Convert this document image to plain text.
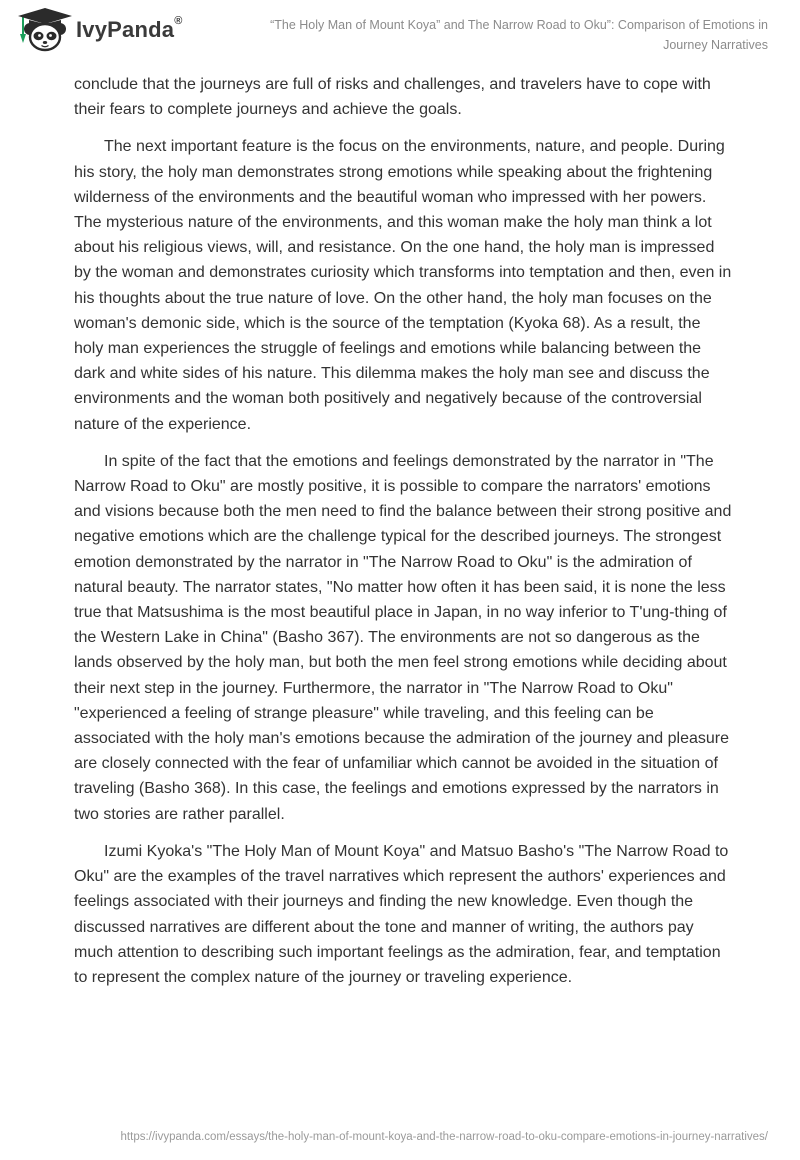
IvyPanda®	“The Holy Man of Mount Koya” and The Narrow Road to Oku”: Comparison of Emotions in Journey Narratives

conclude that the journeys are full of risks and challenges, and travelers have to cope with their fears to complete journeys and achieve the goals.

The next important feature is the focus on the environments, nature, and people. During his story, the holy man demonstrates strong emotions while speaking about the frightening wilderness of the environments and the beautiful woman who impressed with her powers. The mysterious nature of the environments, and this woman make the holy man think a lot about his religious views, will, and resistance. On the one hand, the holy man is impressed by the woman and demonstrates curiosity which transforms into temptation and then, even in his thoughts about the true nature of love. On the other hand, the holy man focuses on the woman's demonic side, which is the source of the temptation (Kyoka 68). As a result, the holy man experiences the struggle of feelings and emotions while balancing between the dark and white sides of his nature. This dilemma makes the holy man see and discuss the environments and the woman both positively and negatively because of the controversial nature of the experience.

In spite of the fact that the emotions and feelings demonstrated by the narrator in "The Narrow Road to Oku" are mostly positive, it is possible to compare the narrators' emotions and visions because both the men need to find the balance between their strong positive and negative emotions which are the challenge typical for the described journeys. The strongest emotion demonstrated by the narrator in "The Narrow Road to Oku" is the admiration of natural beauty. The narrator states, "No matter how often it has been said, it is none the less true that Matsushima is the most beautiful place in Japan, in no way inferior to T'ung-thing of the Western Lake in China" (Basho 367). The environments are not so dangerous as the lands observed by the holy man, but both the men feel strong emotions while deciding about their next step in the journey. Furthermore, the narrator in "The Narrow Road to Oku" "experienced a feeling of strange pleasure" while traveling, and this feeling can be associated with the holy man's emotions because the admiration of the journey and pleasure are closely connected with the fear of unfamiliar which cannot be avoided in the situation of traveling (Basho 368). In this case, the feelings and emotions expressed by the narrators in two stories are rather parallel.

Izumi Kyoka's "The Holy Man of Mount Koya" and Matsuo Basho's "The Narrow Road to Oku" are the examples of the travel narratives which represent the authors' experiences and feelings associated with their journeys and finding the new knowledge. Even though the discussed narratives are different about the tone and manner of writing, the authors pay much attention to describing such important feelings as the admiration, fear, and temptation to represent the complex nature of the journey or traveling experience.

https://ivypanda.com/essays/the-holy-man-of-mount-koya-and-the-narrow-road-to-oku-compare-emotions-in-journey-narratives/
